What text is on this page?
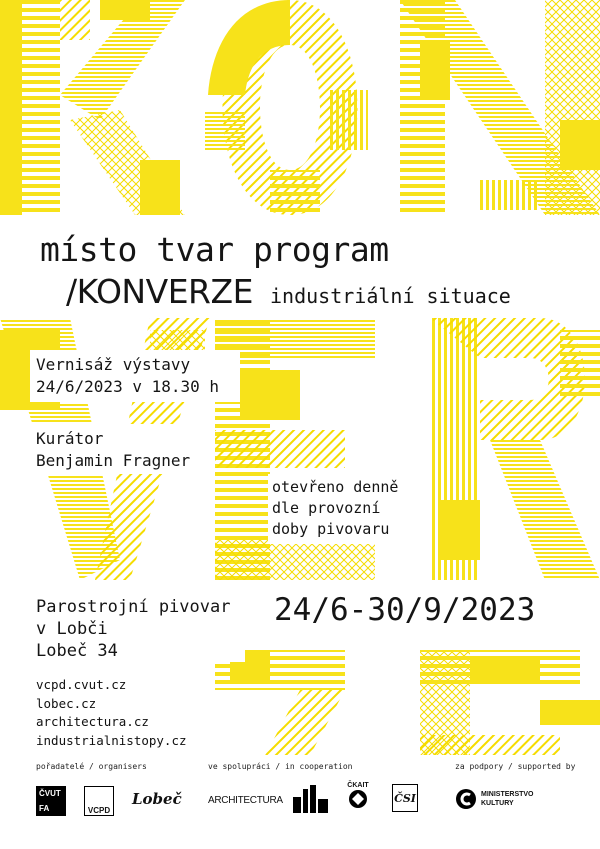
místo tvar program
/KONVERZE industriální situace
Vernisáž výstavy
24/6/2023 v 18.30 h
Kurátor
Benjamin Fragner
otevřeno denně
dle provozní
doby pivovaru
Parostrojní pivovar
v Lobči
Lobeč 34
24/6-30/9/2023
vcpd.cvut.cz
lobec.cz
architectura.cz
industrialnistopy.cz
pořadatelé / organisers	ve spolupráci / in cooperation	za podpory / supported by
ČVUT
FA	VCPD
Lobeč	ARCHITECTURA
ČKAIT
ČSI	MINISTERSTVO
KULTURY
